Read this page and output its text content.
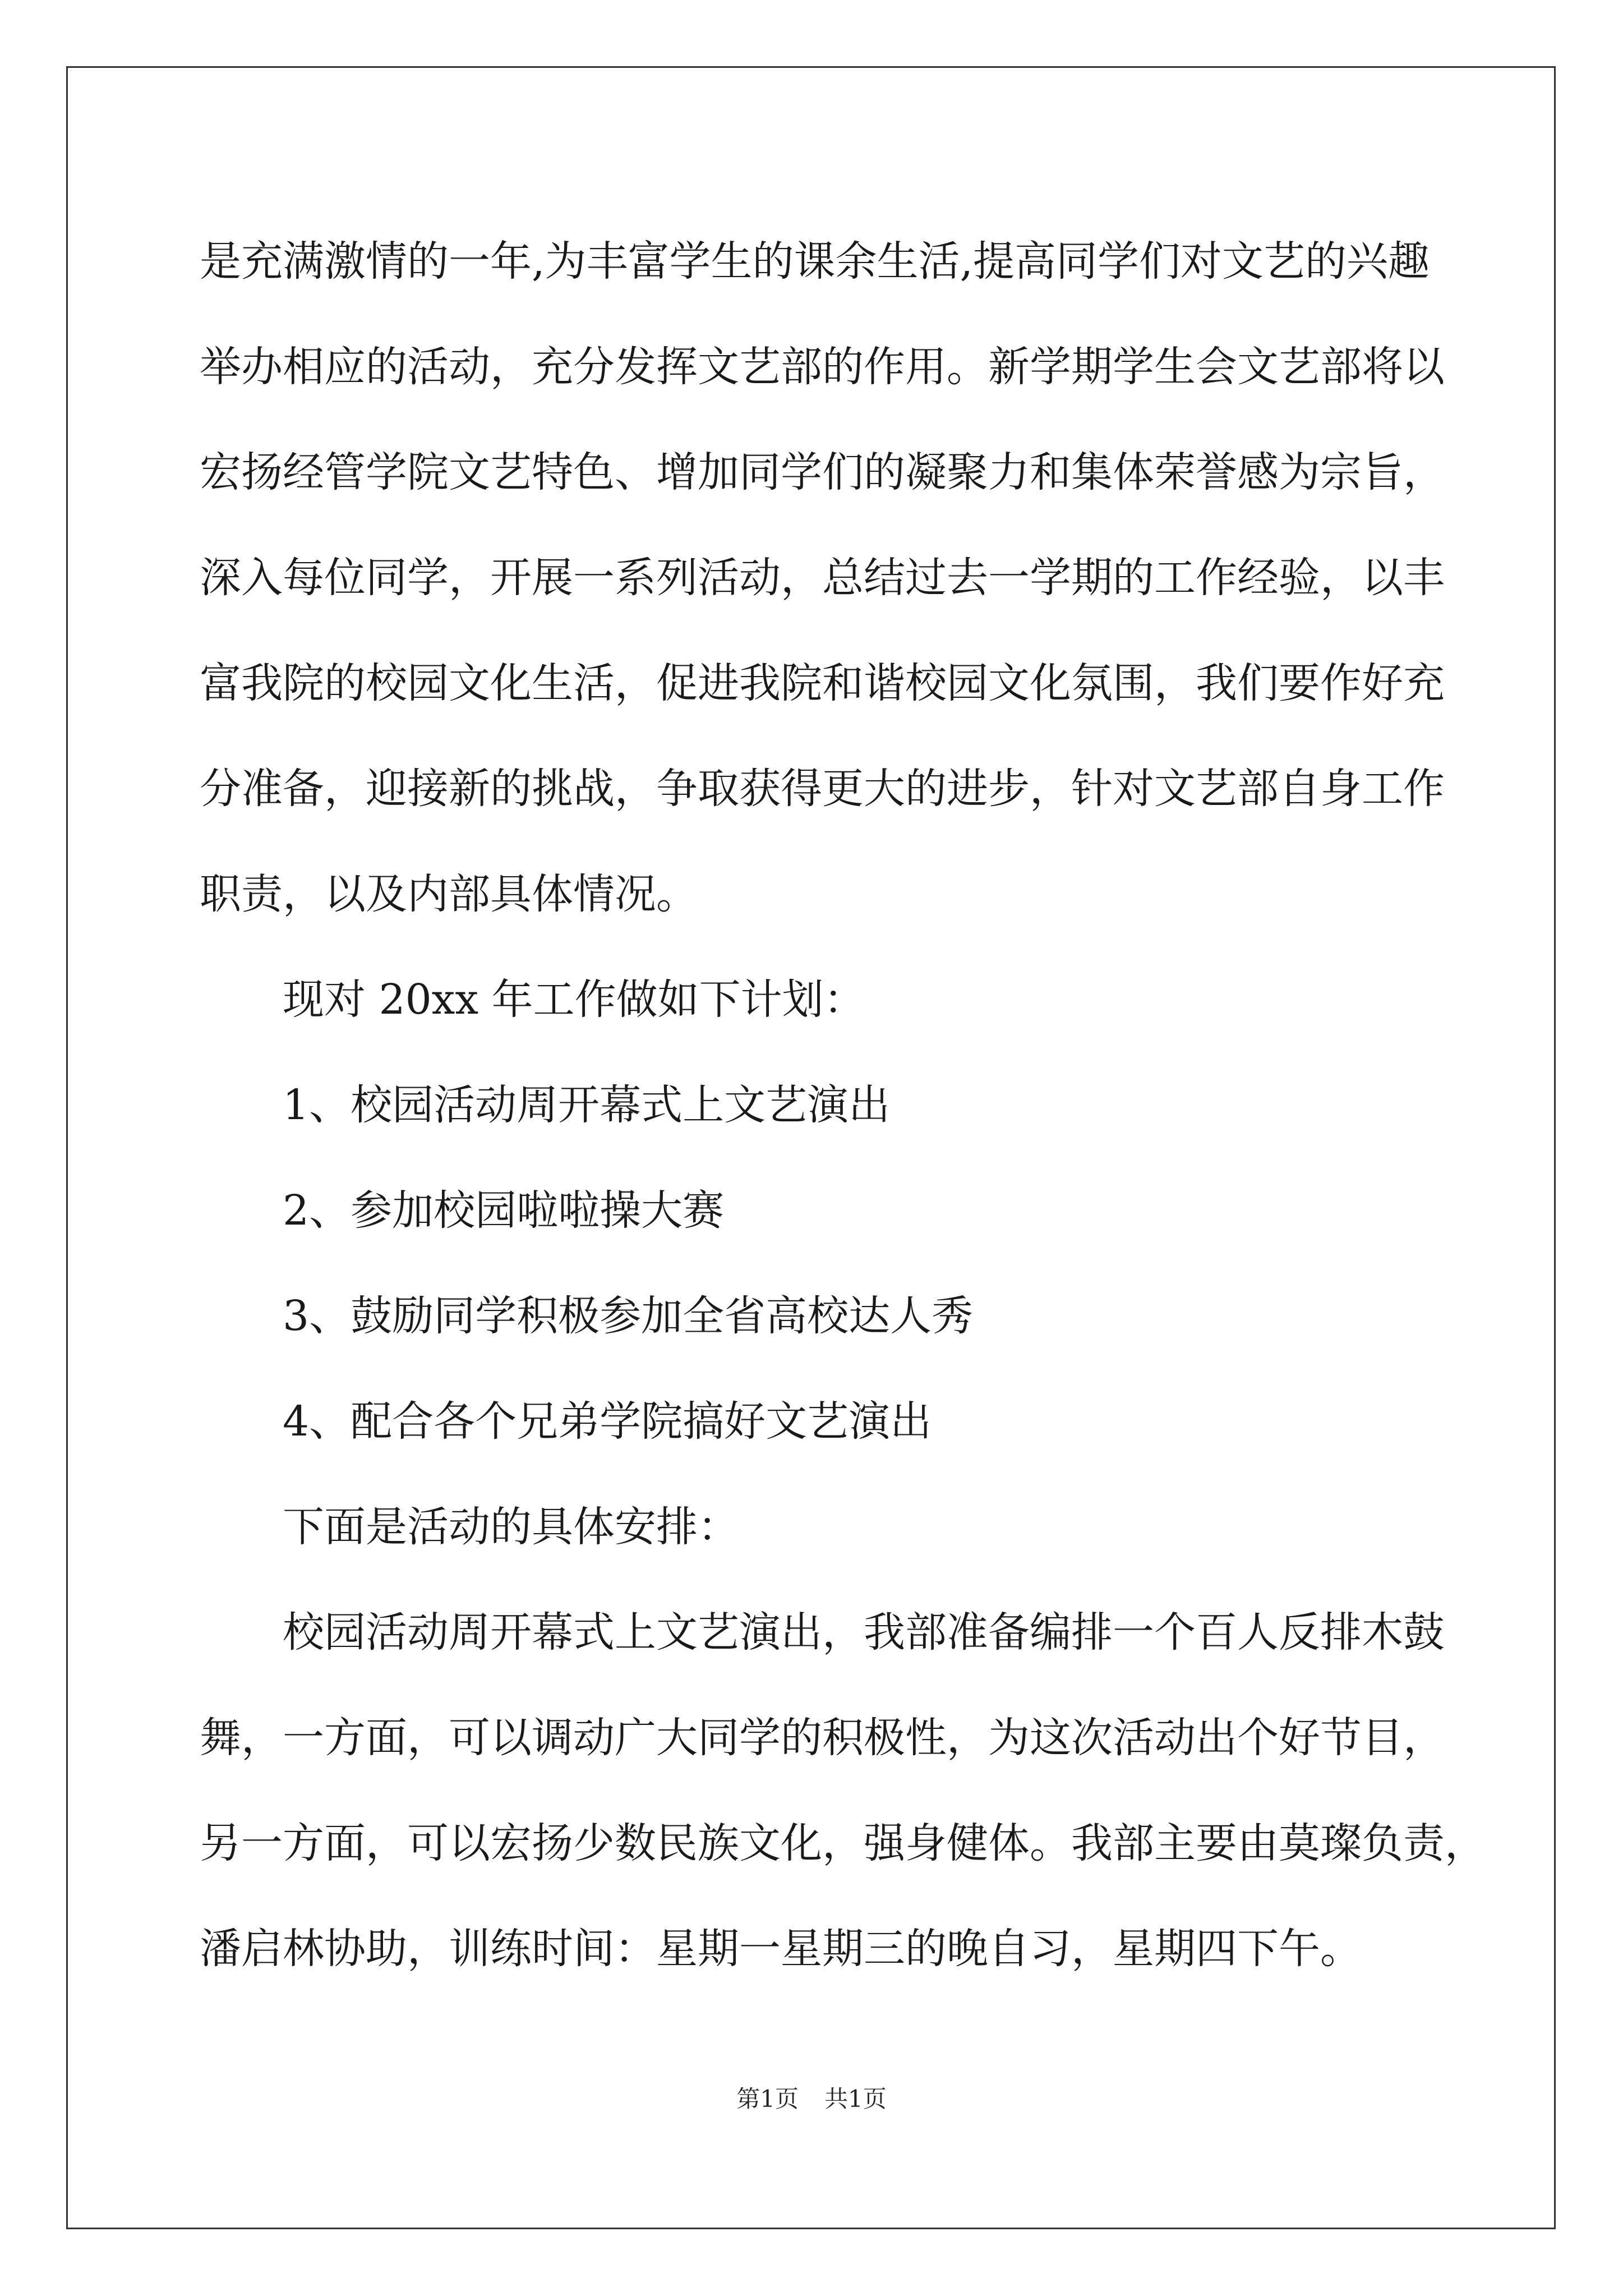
是充满激情的一年,为丰富学生的课余生活,提高同学们对文艺的兴趣

举办相应的活动，充分发挥文艺部的作用。新学期学生会文艺部将以

宏扬经管学院文艺特色、增加同学们的凝聚力和集体荣誉感为宗旨，

深入每位同学，开展一系列活动，总结过去一学期的工作经验，以丰

富我院的校园文化生活，促进我院和谐校园文化氛围，我们要作好充

分准备，迎接新的挑战，争取获得更大的进步，针对文艺部自身工作

职责，以及内部具体情况。

现对 20xx 年工作做如下计划：

1、校园活动周开幕式上文艺演出

2、参加校园啦啦操大赛

3、鼓励同学积极参加全省高校达人秀

4、配合各个兄弟学院搞好文艺演出

下面是活动的具体安排：

校园活动周开幕式上文艺演出，我部准备编排一个百人反排木鼓

舞，一方面，可以调动广大同学的积极性，为这次活动出个好节目，

另一方面，可以宏扬少数民族文化，强身健体。我部主要由莫璨负责，

潘启林协助，训练时间：星期一星期三的晚自习，星期四下午。

第1页 共1页
